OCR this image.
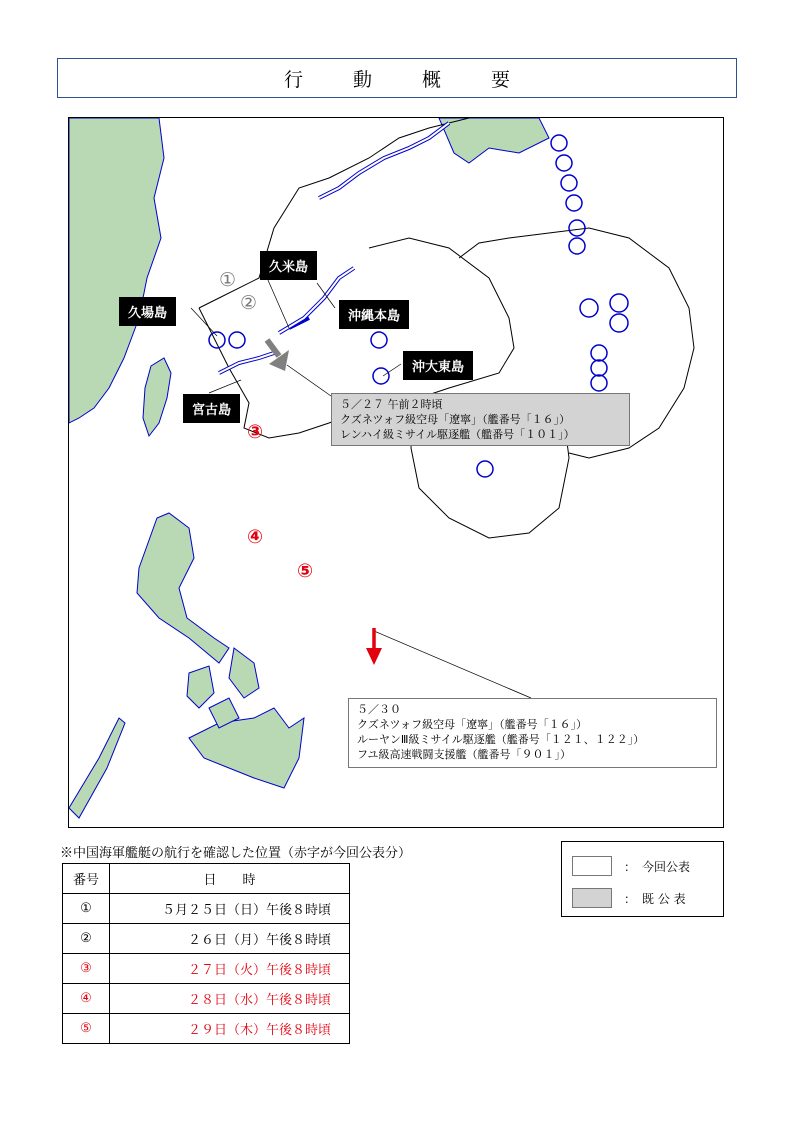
行 動 概 要
久米島
久場島	沖縄本島
沖大東島
宮古島
①
②
③
④
⑤
５／２７ 午前２時頃
クズネツォフ級空母「遼寧」（艦番号「１６」）
レンハイ級ミサイル駆逐艦（艦番号「１０１」）
５／３０
クズネツォフ級空母「遼寧」（艦番号「１６」）
ルーヤンⅢ級ミサイル駆逐艦（艦番号「１２１、１２２」）
フユ級高速戦闘支援艦（艦番号「９０１」）
※中国海軍艦艇の航行を確認した位置（赤字が今回公表分）
番号	日　　時
①	５月２５日（日）午後８時頃
②	２６日（月）午後８時頃
③	２７日（火）午後８時頃
④	２８日（水）午後８時頃
⑤	２９日（木）午後８時頃
：　今回公表
：　既 公 表
